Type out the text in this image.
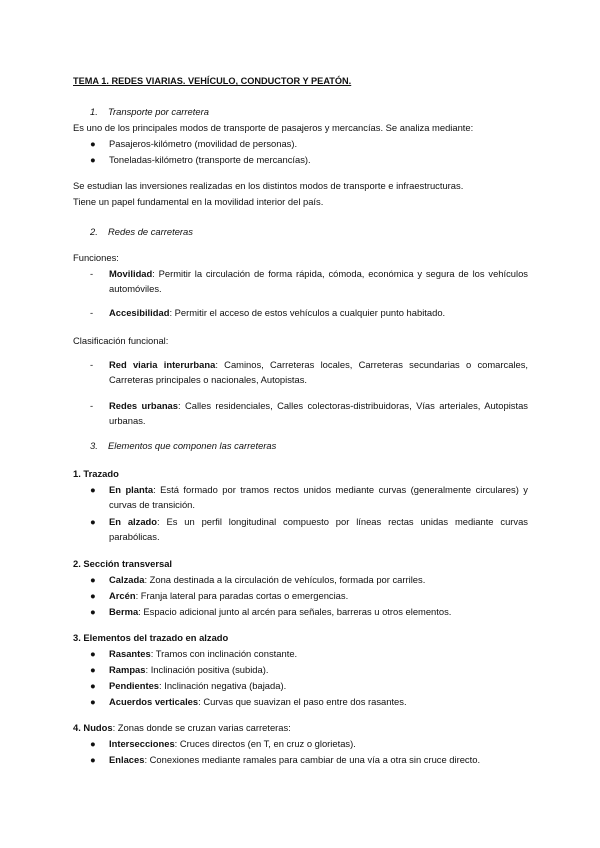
TEMA 1. REDES VIARIAS. VEHÍCULO, CONDUCTOR Y PEATÓN.
1. Transporte por carretera
Es uno de los principales modos de transporte de pasajeros y mercancías. Se analiza mediante:
● Pasajeros-kilómetro (movilidad de personas).
● Toneladas-kilómetro (transporte de mercancías).
Se estudian las inversiones realizadas en los distintos modos de transporte e infraestructuras.
Tiene un papel fundamental en la movilidad interior del país.
2. Redes de carreteras
Funciones:
- Movilidad: Permitir la circulación de forma rápida, cómoda, económica y segura de los vehículos automóviles.
- Accesibilidad: Permitir el acceso de estos vehículos a cualquier punto habitado.
Clasificación funcional:
- Red viaria interurbana: Caminos, Carreteras locales, Carreteras secundarias o comarcales, Carreteras principales o nacionales, Autopistas.
- Redes urbanas: Calles residenciales, Calles colectoras-distribuidoras, Vías arteriales, Autopistas urbanas.
3. Elementos que componen las carreteras
1. Trazado
● En planta: Está formado por tramos rectos unidos mediante curvas (generalmente circulares) y curvas de transición.
● En alzado: Es un perfil longitudinal compuesto por líneas rectas unidas mediante curvas parabólicas.
2. Sección transversal
● Calzada: Zona destinada a la circulación de vehículos, formada por carriles.
● Arcén: Franja lateral para paradas cortas o emergencias.
● Berma: Espacio adicional junto al arcén para señales, barreras u otros elementos.
3. Elementos del trazado en alzado
● Rasantes: Tramos con inclinación constante.
● Rampas: Inclinación positiva (subida).
● Pendientes: Inclinación negativa (bajada).
● Acuerdos verticales: Curvas que suavizan el paso entre dos rasantes.
4. Nudos: Zonas donde se cruzan varias carreteras:
● Intersecciones: Cruces directos (en T, en cruz o glorietas).
● Enlaces: Conexiones mediante ramales para cambiar de una vía a otra sin cruce directo.
